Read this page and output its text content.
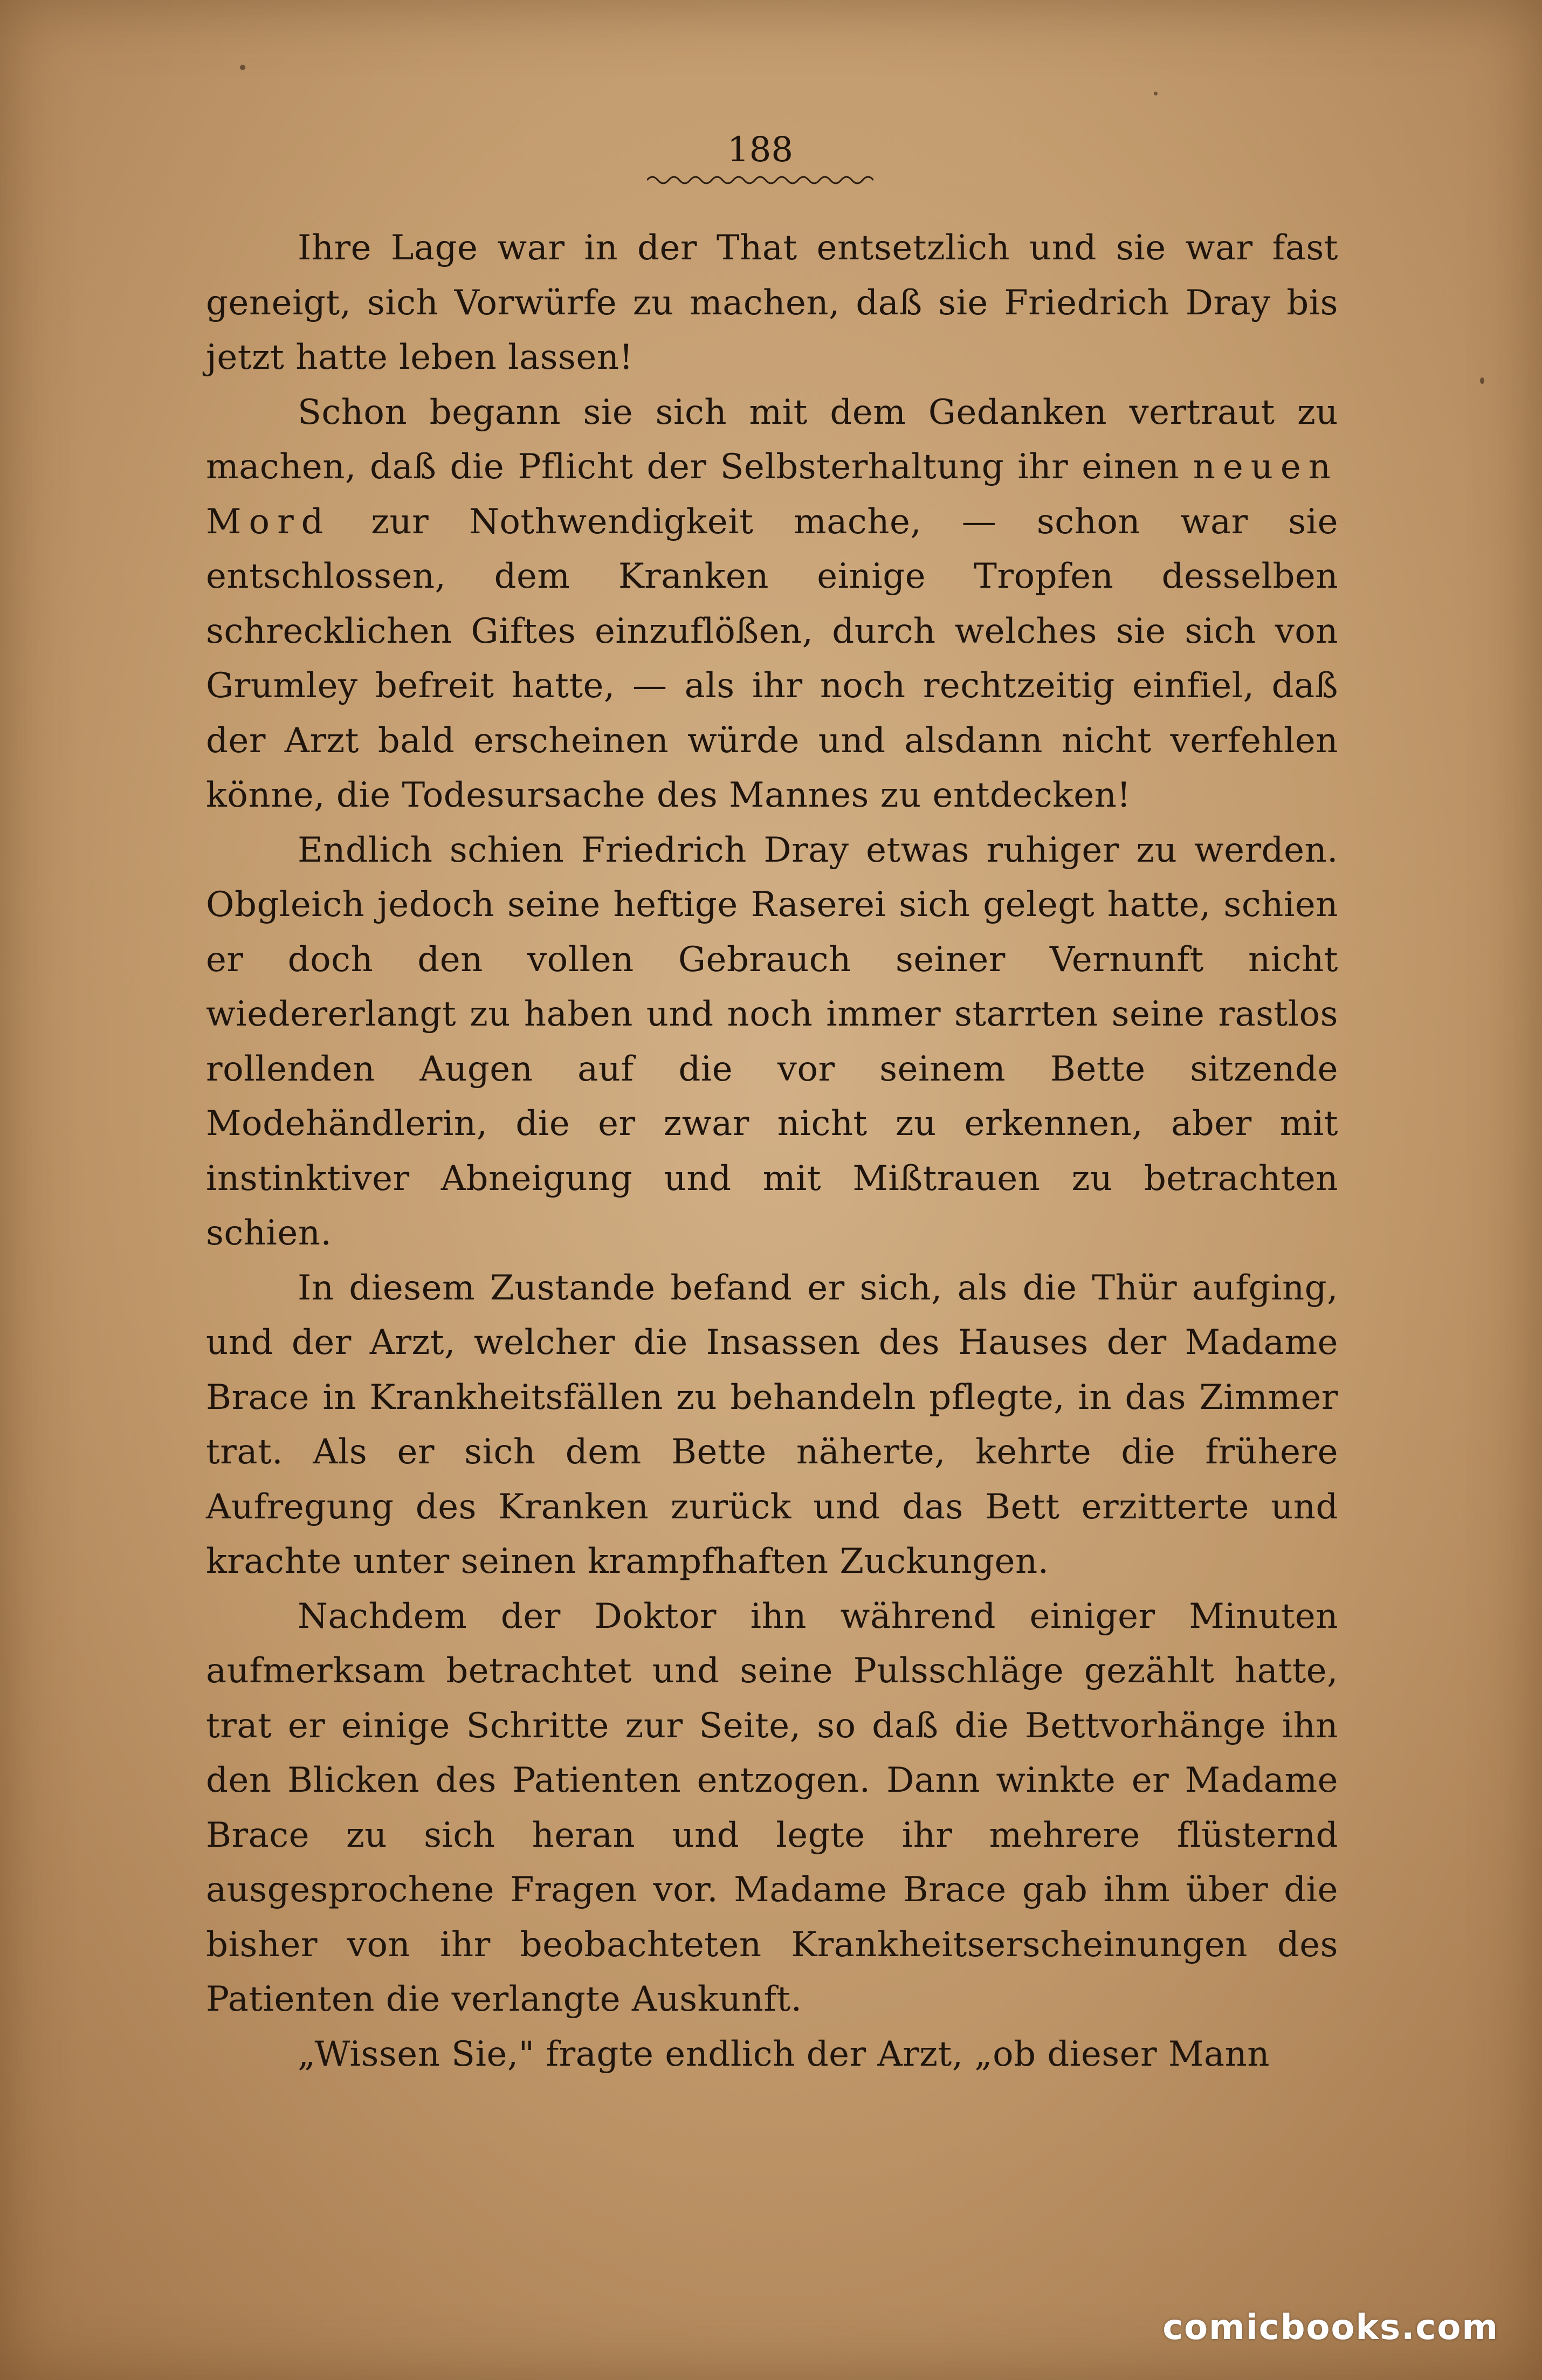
188

Ihre Lage war in der That entsetzlich und sie war fast geneigt, sich Vorwürfe zu machen, daß sie Friedrich Dray bis jetzt hatte leben lassen!

Schon begann sie sich mit dem Gedanken vertraut zu machen, daß die Pflicht der Selbsterhaltung ihr einen neuen Mord zur Nothwendigkeit mache, — schon war sie entschlossen, dem Kranken einige Tropfen desselben schrecklichen Giftes einzuflößen, durch welches sie sich von Grumley befreit hatte, — als ihr noch rechtzeitig einfiel, daß der Arzt bald erscheinen würde und alsdann nicht verfehlen könne, die Todesursache des Mannes zu entdecken!

Endlich schien Friedrich Dray etwas ruhiger zu werden. Obgleich jedoch seine heftige Raserei sich gelegt hatte, schien er doch den vollen Gebrauch seiner Vernunft nicht wiedererlangt zu haben und noch immer starrten seine rastlos rollenden Augen auf die vor seinem Bette sitzende Modehändlerin, die er zwar nicht zu erkennen, aber mit instinktiver Abneigung und mit Mißtrauen zu betrachten schien.

In diesem Zustande befand er sich, als die Thür aufging, und der Arzt, welcher die Insassen des Hauses der Madame Brace in Krankheitsfällen zu behandeln pflegte, in das Zimmer trat. Als er sich dem Bette näherte, kehrte die frühere Aufregung des Kranken zurück und das Bett erzitterte und krachte unter seinen krampfhaften Zuckungen.

Nachdem der Doktor ihn während einiger Minuten aufmerksam betrachtet und seine Pulsschläge gezählt hatte, trat er einige Schritte zur Seite, so daß die Bettvorhänge ihn den Blicken des Patienten entzogen. Dann winkte er Madame Brace zu sich heran und legte ihr mehrere flüsternd ausgesprochene Fragen vor. Madame Brace gab ihm über die bisher von ihr beobachteten Krankheitserscheinungen des Patienten die verlangte Auskunft.

„Wissen Sie," fragte endlich der Arzt, „ob dieser Mann

comicbooks.com
